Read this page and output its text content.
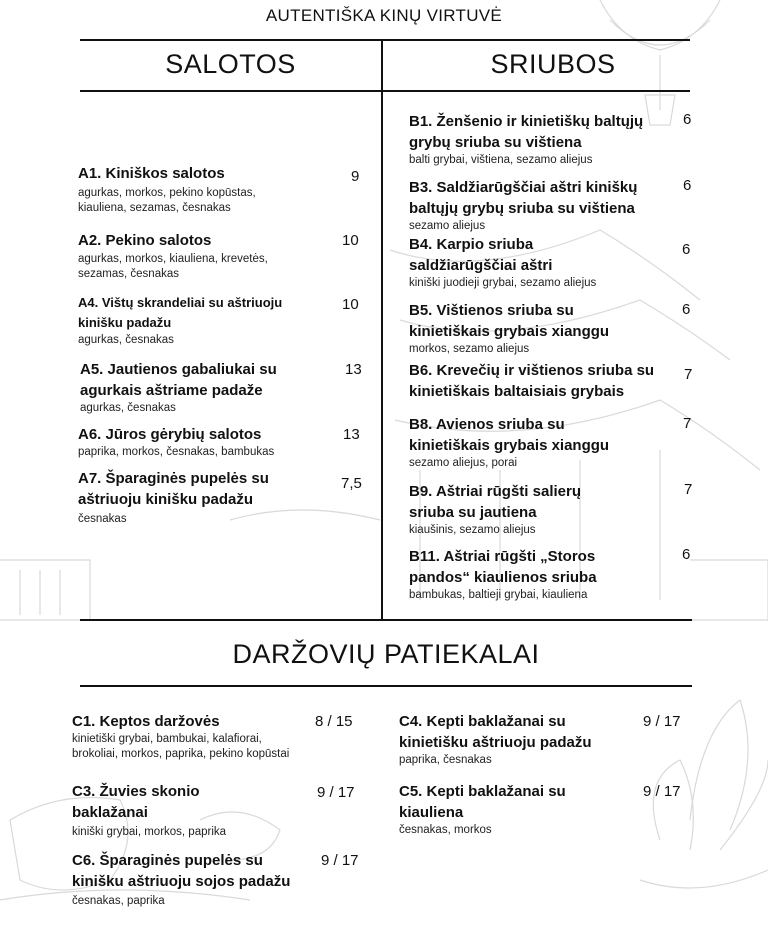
AUTENTIŠKA KINŲ VIRTUVĖ
SALOTOS	SRIUBOS
A1. Kiniškos salotos
agurkas, morkos, pekino kopūstas, kiauliena, sezamas, česnakas
9
A2. Pekino salotos
agurkas, morkos, kiauliena, krevetės, sezamas, česnakas
10
A4. Vištų skrandeliai su aštriuoju kinišku padažu
agurkas, česnakas
10
A5. Jautienos gabaliukai su agurkais aštriame padaže
agurkas, česnakas
13
A6. Jūros gėrybių salotos
paprika, morkos, česnakas, bambukas
13
A7. Šparaginės pupelės su aštriuoju kinišku padažu
česnakas
7,5
B1. Ženšenio ir kinietiškų baltųjų grybų sriuba su vištiena
balti grybai, vištiena, sezamo aliejus
6
B3. Saldžiarūgščiai aštri kiniškų baltųjų grybų sriuba su vištiena
sezamo aliejus
6
B4. Karpio sriuba saldžiarūgščiai aštri
kiniški juodieji grybai, sezamo aliejus
6
B5. Vištienos sriuba su kinietiškais grybais xianggu
morkos, sezamo aliejus
6
B6. Krevečių ir vištienos sriuba su kinietiškais baltaisiais grybais
7
B8. Avienos sriuba su kinietiškais grybais xianggu
sezamo aliejus, porai
7
B9. Aštriai rūgšti salierų sriuba su jautiena
kiaušinis, sezamo aliejus
7
B11. Aštriai rūgšti „Storos pandos“ kiaulienos sriuba
bambukas, baltieji grybai, kiauliena
6
DARŽOVIŲ PATIEKALAI
C1. Keptos daržovės
kinietiški grybai, bambukai, kalafiorai, brokoliai, morkos, paprika, pekino kopūstai
8 / 15
C3. Žuvies skonio baklažanai
kiniški grybai, morkos, paprika
9 / 17
C6. Šparaginės pupelės su kinišku aštriuoju sojos padažu
česnakas, paprika
9 / 17
C4. Kepti baklažanai su kinietišku aštriuoju padažu
paprika, česnakas
9 / 17
C5. Kepti baklažanai su kiauliena
česnakas, morkos
9 / 17
